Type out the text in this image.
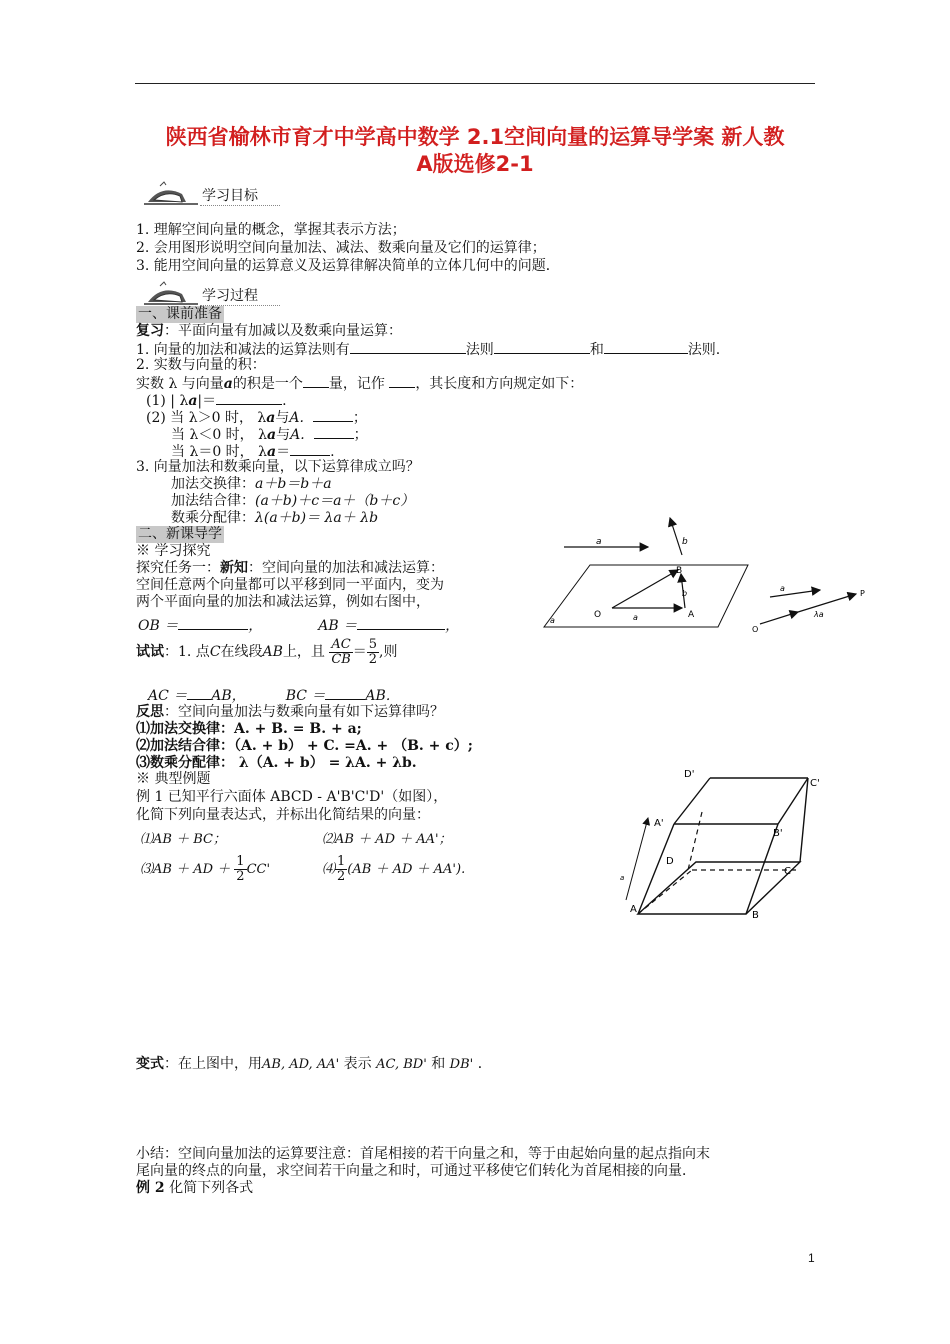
陕西省榆林市育才中学高中数学 2.1空间向量的运算导学案 新人教
A版选修2-1
学习目标
1. 理解空间向量的概念，掌握其表示方法；
2. 会用图形说明空间向量加法、减法、数乘向量及它们的运算律；
3. 能用空间向量的运算意义及运算律解决简单的立体几何中的问题．
学习过程
一、课前准备
复习：平面向量有加减以及数乘向量运算：
1. 向量的加法和减法的运算法则有	法则	和	法则.
2. 实数与向量的积：
实数 λ 与向量a的积是一个 量，记作 ，其长度和方向规定如下：
(1) | λa|＝	.
(2) 当 λ＞0 时， λa与A.	；
当 λ＜0 时， λa与A.	；
当 λ＝0 时， λa＝	.
3. 向量加法和数乘向量，以下运算律成立吗？
加法交换律：a＋b＝b＋a
加法结合律：(a＋b)＋c＝a＋（b＋c）
数乘分配律：λ(a＋b)＝ λa＋ λb
二、新课导学
※ 学习探究
探究任务一：新知：空间向量的加法和减法运算：
空间任意两个向量都可以平移到同一平面内，变为
两个平面向量的加法和减法运算，例如右图中，
OB ＝	，	AB ＝	，
试试：1. 点C在线段AB上，且 $\frac{AC}{CB} = \frac{5}{2}$ ,则
AC ＝ AB，	BC ＝	AB．
反思：空间向量加法与数乘向量有如下运算律吗？
⑴加法交换律：A. + B. = B. + a;
⑵加法结合律：（A. + b） + C. =A. + （B. + c）;
⑶数乘分配律： λ（A. + b） = λA. + λb.
※ 典型例题
例 1 已知平行六面体 ABCD - A'B'C'D'（如图），
化简下列向量表达式，并标出化简结果的向量：
⑴AB ＋ BC；	⑵AB ＋ AD ＋ AA'；
⑶AB ＋ AD ＋ $\frac{1}{2} CC'$	⑷ $\frac{1}{2} (AB$ ＋ AD ＋ AA').
变式：在上图中，用AB, AD, AA' 表示 AC, BD' 和 DB' ．
小结：空间向量加法的运算要注意：首尾相接的若干向量之和，等于由起始向量的起点指向末
尾向量的终点的向量，求空间若干向量之和时，可通过平移使它们转化为首尾相接的向量．
例 2 化简下列各式
a	b
B
O	A
a
b
a
a
O
λa
P
a
D'
C'
A'
B'
D
C
A
B
1
